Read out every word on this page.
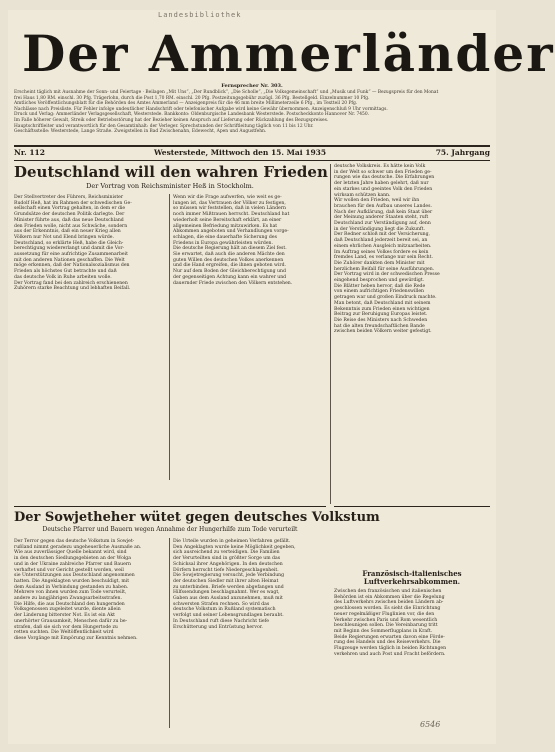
Landesbibliothek
Der Ammerländer
Fernsprecher Nr. 303.
Erscheint täglich mit Ausnahme der Sonn- und Feiertage · Beilagen „Mit Uns“, „Der Rundblick“, „Die Scholle“, „Die Volksgemeinschaft“ und „Musik und Funk“ — Bezugspreis für den Monat
frei Haus 1,80 RM. einschl. 30 Pfg. Trägerlohn, durch die Post 1,70 RM. einschl. 20 Pfg. Postzeitungsgebühr zuzügl. 36 Pfg. Bestellgeld. Einzelnummer 10 Pfg.
Amtliches Veröffentlichungsblatt für die Behörden des Amtes Ammerland — Anzeigenpreis für die 46 mm breite Millimeterzeile 6 Pfg., im Textteil 20 Pfg.
Nachlässe nach Preisliste. Für Fehler infolge undeutlicher Handschrift oder telefonischer Aufgabe wird keine Gewähr übernommen. Anzeigenschluß 9 Uhr vormittags.
Druck und Verlag: Ammerländer Verlagsgesellschaft, Westerstede. Bankkonto: Oldenburgische Landesbank Westerstede. Postscheckkonto Hannover Nr. 7450.
Im Falle höherer Gewalt, Streik oder Betriebsstörung hat der Bezieher keinen Anspruch auf Lieferung oder Rückzahlung des Bezugspreises.
Hauptschriftleiter und verantwortlich für den Gesamtinhalt: der Verleger. Sprechstunden der Schriftleitung täglich von 11 bis 12 Uhr.
Geschäftsstelle: Westerstede, Lange Straße. Zweigstellen in Bad Zwischenahn, Edewecht, Apen und Augustfehn.
Nr. 112	Westerstede, Mittwoch den 15. Mai 1935	75. Jahrgang
Deutschland will den wahren Frieden
Der Vortrag von Reichsminister Heß in Stockholm.
Der Stellvertreter des Führers, Reichsminister
Rudolf Heß, hat im Rahmen der schwedischen Ge-
sellschaft einen Vortrag gehalten, in dem er die
Grundsätze der deutschen Politik darlegte. Der
Minister führte aus, daß das neue Deutschland
den Frieden wolle, nicht aus Schwäche, sondern
aus der Erkenntnis, daß ein neuer Krieg allen
Völkern nur Not und Elend bringen würde.
Deutschland, so erklärte Heß, habe die Gleich-
berechtigung wiedererlangt und damit die Vor-
aussetzung für eine aufrichtige Zusammenarbeit
mit den anderen Nationen geschaffen. Die Welt
möge erkennen, daß der Nationalsozialismus den
Frieden als höchstes Gut betrachte und daß
das deutsche Volk in Ruhe arbeiten wolle.
Der Vortrag fand bei den zahlreich erschienenen
Zuhörern starke Beachtung und lebhaften Beifall.
Wenn wir die Frage aufwerfen, wie weit es ge-
lungen ist, das Vertrauen der Völker zu festigen,
so müssen wir feststellen, daß in vielen Ländern
noch immer Mißtrauen herrscht. Deutschland hat
wiederholt seine Bereitschaft erklärt, an einer
allgemeinen Befriedung mitzuwirken. Es hat
Abkommen angeboten und Verhandlungen vorge-
schlagen, die eine dauerhafte Sicherung des
Friedens in Europa gewährleisten würden.
Die deutsche Regierung hält an diesem Ziel fest.
Sie erwartet, daß auch die anderen Mächte den
guten Willen des deutschen Volkes anerkennen
und die Hand ergreifen, die ihnen geboten wird.
Nur auf dem Boden der Gleichberechtigung und
der gegenseitigen Achtung kann ein wahrer und
dauernder Friede zwischen den Völkern entstehen.
deutsche Volkskreis. Es hätte kein Volk
in der Welt so schwer um den Frieden ge-
rungen wie das deutsche. Die Erfahrungen
der letzten Jahre haben gelehrt, daß nur
ein starkes und geeintes Volk den Frieden
wirksam schützen kann.
Wir wollen den Frieden, weil wir ihn
brauchen für den Aufbau unseres Landes.
Nach der Aufklärung, daß kein Staat über
der Meinung anderer Staaten steht, ruft
Deutschland zur Verständigung auf, denn
in der Verständigung liegt die Zukunft.
Der Redner schloß mit der Versicherung,
daß Deutschland jederzeit bereit sei, an
einem ehrlichen Ausgleich mitzuarbeiten.
Im Auftrag seines Volkes fordere es kein
fremdes Land, es verlange nur sein Recht.
Die Zuhörer dankten dem Minister mit
herzlichem Beifall für seine Ausführungen.
Der Vortrag wird in der schwedischen Presse
eingehend besprochen und gewürdigt.
Die Blätter heben hervor, daß die Rede
von einem aufrichtigen Friedenswillen
getragen war und großen Eindruck machte.
Man betont, daß Deutschland mit seinem
Bekenntnis zum Frieden einen wichtigen
Beitrag zur Beruhigung Europas leistet.
Die Reise des Ministers nach Schweden
hat die alten freundschaftlichen Bande
zwischen beiden Völkern weiter gefestigt.
Der Sowjetheher wütet gegen deutsches Volkstum
Deutsche Pfarrer und Bauern wegen Annahme der Hungerhilfe zum Tode verurteilt
Der Terror gegen das deutsche Volkstum in Sowjet-
rußland nimmt geradezu ungeheuerliche Ausmaße an.
Wie aus zuverlässiger Quelle bekannt wird, sind
in den deutschen Siedlungsgebieten an der Wolga
und in der Ukraine zahlreiche Pfarrer und Bauern
verhaftet und vor Gericht gestellt worden, weil
sie Unterstützungen aus Deutschland angenommen
hatten. Die Angeklagten wurden beschuldigt, mit
dem Ausland in Verbindung gestanden zu haben.
Mehrere von ihnen wurden zum Tode verurteilt,
andere zu langjährigen Zwangsarbeitsstrafen.
Die Hilfe, die aus Deutschland den hungernden
Volksgenossen zugeleitet wurde, diente allein
der Linderung bitterster Not. Es ist ein Akt
unerhörter Grausamkeit, Menschen dafür zu be-
strafen, daß sie sich vor dem Hungertode zu
retten suchten. Die Weltöffentlichkeit wird
diese Vorgänge mit Empörung zur Kenntnis nehmen.
Die Urteile wurden in geheimen Verfahren gefällt.
Den Angeklagten wurde keine Möglichkeit gegeben,
sich ausreichend zu verteidigen. Die Familien
der Verurteilten sind in größter Sorge um das
Schicksal ihrer Angehörigen. In den deutschen
Dörfern herrscht tiefe Niedergeschlagenheit.
Die Sowjetregierung versucht, jede Verbindung
der deutschen Siedler mit ihrer alten Heimat
zu unterbinden. Briefe werden abgefangen und
Hilfssendungen beschlagnahmt. Wer es wagt,
Gaben aus dem Ausland anzunehmen, muß mit
schwersten Strafen rechnen. So wird das
deutsche Volkstum in Rußland systematisch
verfolgt und seiner Lebensgrundlagen beraubt.
In Deutschland ruft diese Nachricht tiefe
Erschütterung und Entrüstung hervor.
Französisch-italienisches Luftverkehrsabkommen.
Zwischen den französischen und italienischen
Behörden ist ein Abkommen über die Regelung
des Luftverkehrs zwischen beiden Ländern ab-
geschlossen worden. Es sieht die Einrichtung
neuer regelmäßiger Fluglinien vor, die den
Verkehr zwischen Paris und Rom wesentlich
beschleunigen sollen. Die Vereinbarung tritt
mit Beginn des Sommerflugplans in Kraft.
Beide Regierungen erwarten davon eine Förde-
rung des Handels und des Reiseverkehrs. Die
Flugzeuge werden täglich in beiden Richtungen
verkehren und auch Post und Fracht befördern.
6546
